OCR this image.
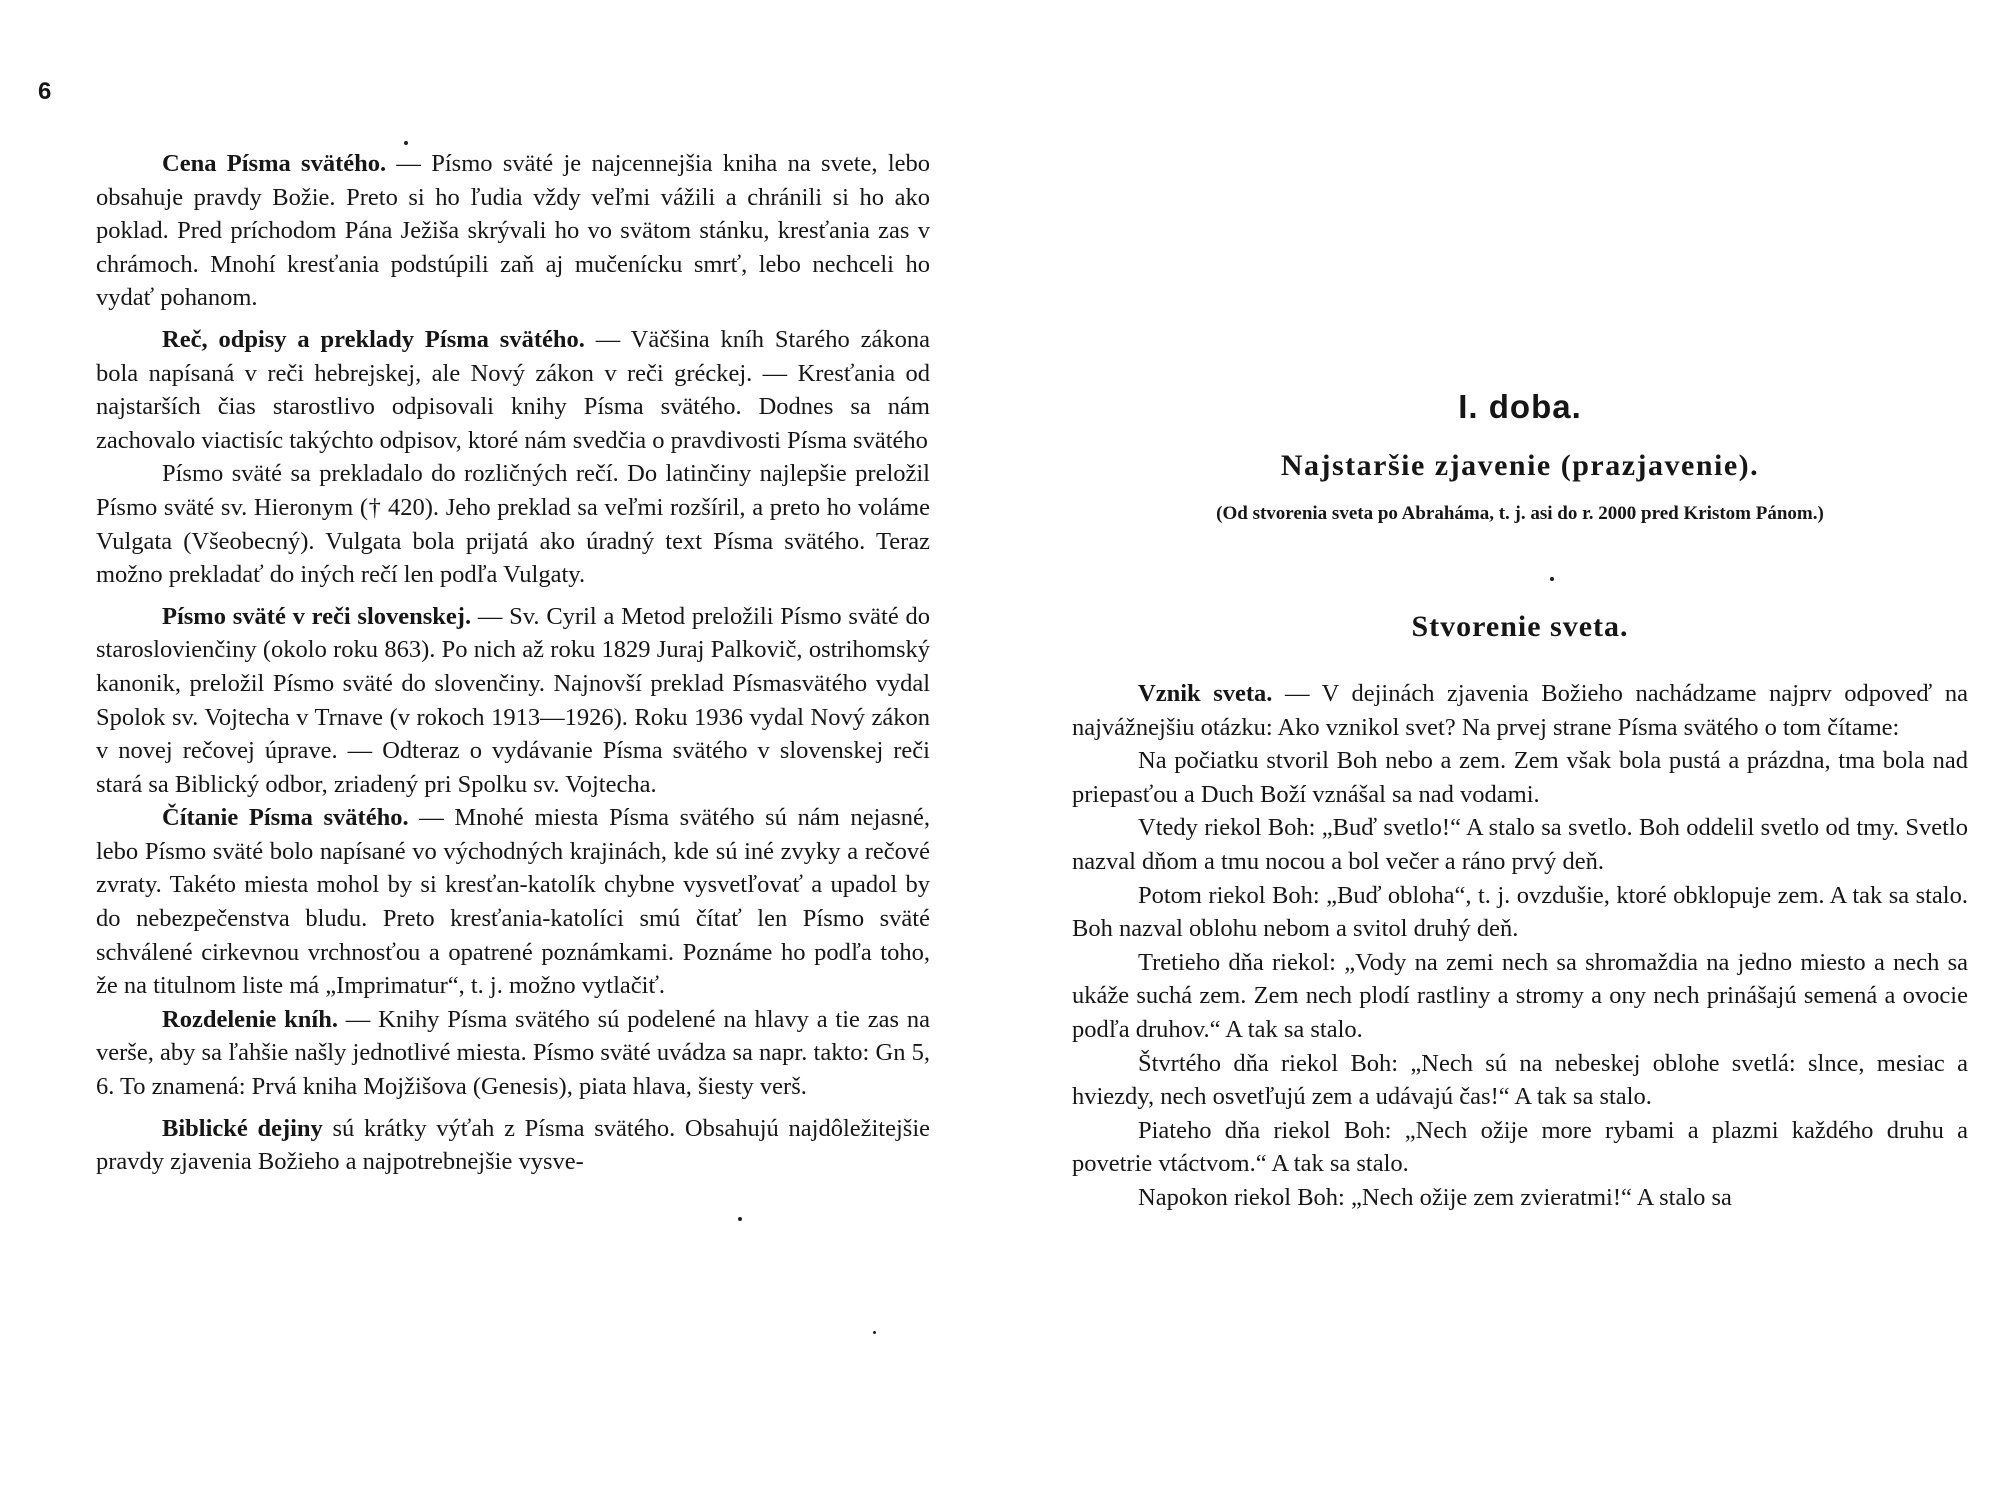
6

Cena Písma svätého. — Písmo sväté je najcennejšia kniha na svete, lebo obsahuje pravdy Božie. Preto si ho ľudia vždy veľmi vážili a chránili si ho ako poklad. Pred príchodom Pána Ježiša skrývali ho vo svätom stánku, kresťania zas v chrámoch. Mnohí kresťania podstúpili zaň aj mučenícku smrť, lebo nechceli ho vydať pohanom.

Reč, odpisy a preklady Písma svätého. — Väčšina kníh Starého zákona bola napísaná v reči hebrejskej, ale Nový zákon v reči gréckej. — Kresťania od najstarších čias starostlivo odpisovali knihy Písma svätého. Dodnes sa nám zachovalo viactisíc takýchto odpisov, ktoré nám svedčia o pravdivosti Písma svätého

Písmo sväté sa prekladalo do rozličných rečí. Do latinčiny najlepšie preložil Písmo sväté sv. Hieronym († 420). Jeho preklad sa veľmi rozšíril, a preto ho voláme Vulgata (Všeobecný). Vulgata bola prijatá ako úradný text Písma svätého. Teraz možno prekladať do iných rečí len podľa Vulgaty.

Písmo sväté v reči slovenskej. — Sv. Cyril a Metod preložili Písmo sväté do staroslovienčiny (okolo roku 863). Po nich až roku 1829 Juraj Palkovič, ostrihomský kanonik, preložil Písmo sväté do slovenčiny. Najnovší preklad Písmasvätého vydal Spolok sv. Vojtecha v Trnave (v rokoch 1913—1926). Roku 1936 vydal Nový zákon v novej rečovej úprave. — Odteraz o vydávanie Písma svätého v slovenskej reči stará sa Biblický odbor, zriadený pri Spolku sv. Vojtecha.

Čítanie Písma svätého. — Mnohé miesta Písma svätého sú nám nejasné, lebo Písmo sväté bolo napísané vo východných krajinách, kde sú iné zvyky a rečové zvraty. Takéto miesta mohol by si kresťan-katolík chybne vysvetľovať a upadol by do nebezpečenstva bludu. Preto kresťania-katolíci smú čítať len Písmo sväté schválené cirkevnou vrchnosťou a opatrené poznámkami. Poznáme ho podľa toho, že na titulnom liste má „Imprimatur“, t. j. možno vytlačiť.

Rozdelenie kníh. — Knihy Písma svätého sú podelené na hlavy a tie zas na verše, aby sa ľahšie našly jednotlivé miesta. Písmo sväté uvádza sa napr. takto: Gn 5, 6. To znamená: Prvá kniha Mojžišova (Genesis), piata hlava, šiesty verš.

Biblické dejiny sú krátky výťah z Písma svätého. Obsahujú najdôležitejšie pravdy zjavenia Božieho a najpotrebnejšie vysve-

I. doba.
Najstaršie zjavenie (prazjavenie).

(Od stvorenia sveta po Abraháma, t. j. asi do r. 2000 pred Kristom Pánom.)

Stvorenie sveta.

Vznik sveta. — V dejinách zjavenia Božieho nachádzame najprv odpoveď na najvážnejšiu otázku: Ako vznikol svet? Na prvej strane Písma svätého o tom čítame:

Na počiatku stvoril Boh nebo a zem. Zem však bola pustá a prázdna, tma bola nad priepasťou a Duch Boží vznášal sa nad vodami.

Vtedy riekol Boh: „Buď svetlo!“ A stalo sa svetlo. Boh oddelil svetlo od tmy. Svetlo nazval dňom a tmu nocou a bol večer a ráno prvý deň.

Potom riekol Boh: „Buď obloha“, t. j. ovzdušie, ktoré obklopuje zem. A tak sa stalo. Boh nazval oblohu nebom a svitol druhý deň.

Tretieho dňa riekol: „Vody na zemi nech sa shromaždia na jedno miesto a nech sa ukáže suchá zem. Zem nech plodí rastliny a stromy a ony nech prinášajú semená a ovocie podľa druhov.“ A tak sa stalo.

Štvrtého dňa riekol Boh: „Nech sú na nebeskej oblohe svetlá: slnce, mesiac a hviezdy, nech osvetľujú zem a udávajú čas!“ A tak sa stalo.

Piateho dňa riekol Boh: „Nech ožije more rybami a plazmi každého druhu a povetrie vtáctvom.“ A tak sa stalo.

Napokon riekol Boh: „Nech ožije zem zvieratmi!“ A stalo sa
